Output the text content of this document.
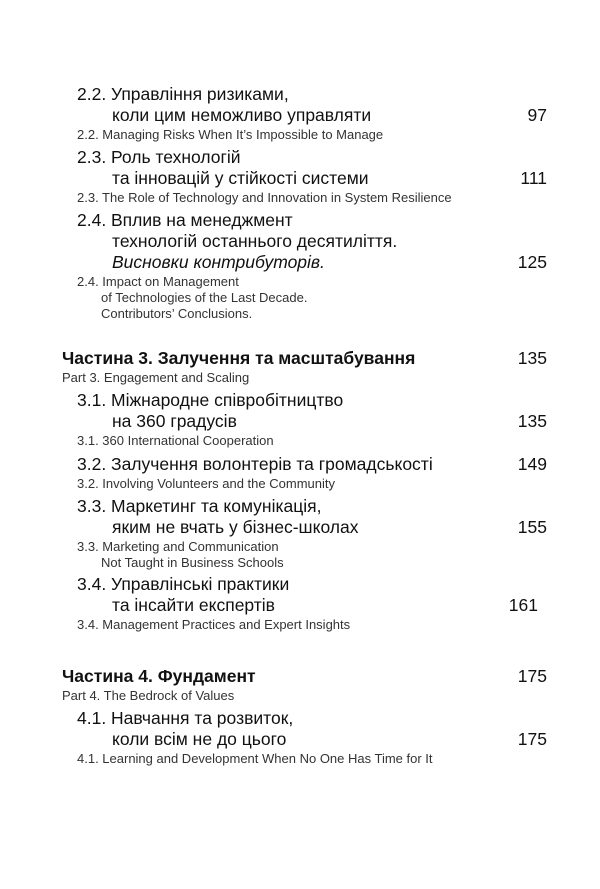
2.2. Управління ризиками,
коли цим неможливо управляти	97
2.2. Managing Risks When It’s Impossible to Manage
2.3. Роль технологій
та інновацій у стійкості системи	111
2.3. The Role of Technology and Innovation in System Resilience
2.4. Вплив на менеджмент
технологій останнього десятиліття.
Висновки контрибуторів.	125
2.4. Impact on Management
of Technologies of the Last Decade.
Contributors’ Conclusions.
Частина 3. Залучення та масштабування	135
Part 3. Engagement and Scaling
3.1. Міжнародне співробітництво
на 360 градусів	135
3.1. 360 International Cooperation
3.2. Залучення волонтерів та громадськості	149
3.2. Involving Volunteers and the Community
3.3. Маркетинг та комунікація,
яким не вчать у бізнес-школах	155
3.3. Marketing and Communication
Not Taught in Business Schools
3.4. Управлінські практики
та інсайти експертів	161
3.4. Management Practices and Expert Insights
Частина 4. Фундамент	175
Part 4. The Bedrock of Values
4.1. Навчання та розвиток,
коли всім не до цього	175
4.1. Learning and Development When No One Has Time for It
